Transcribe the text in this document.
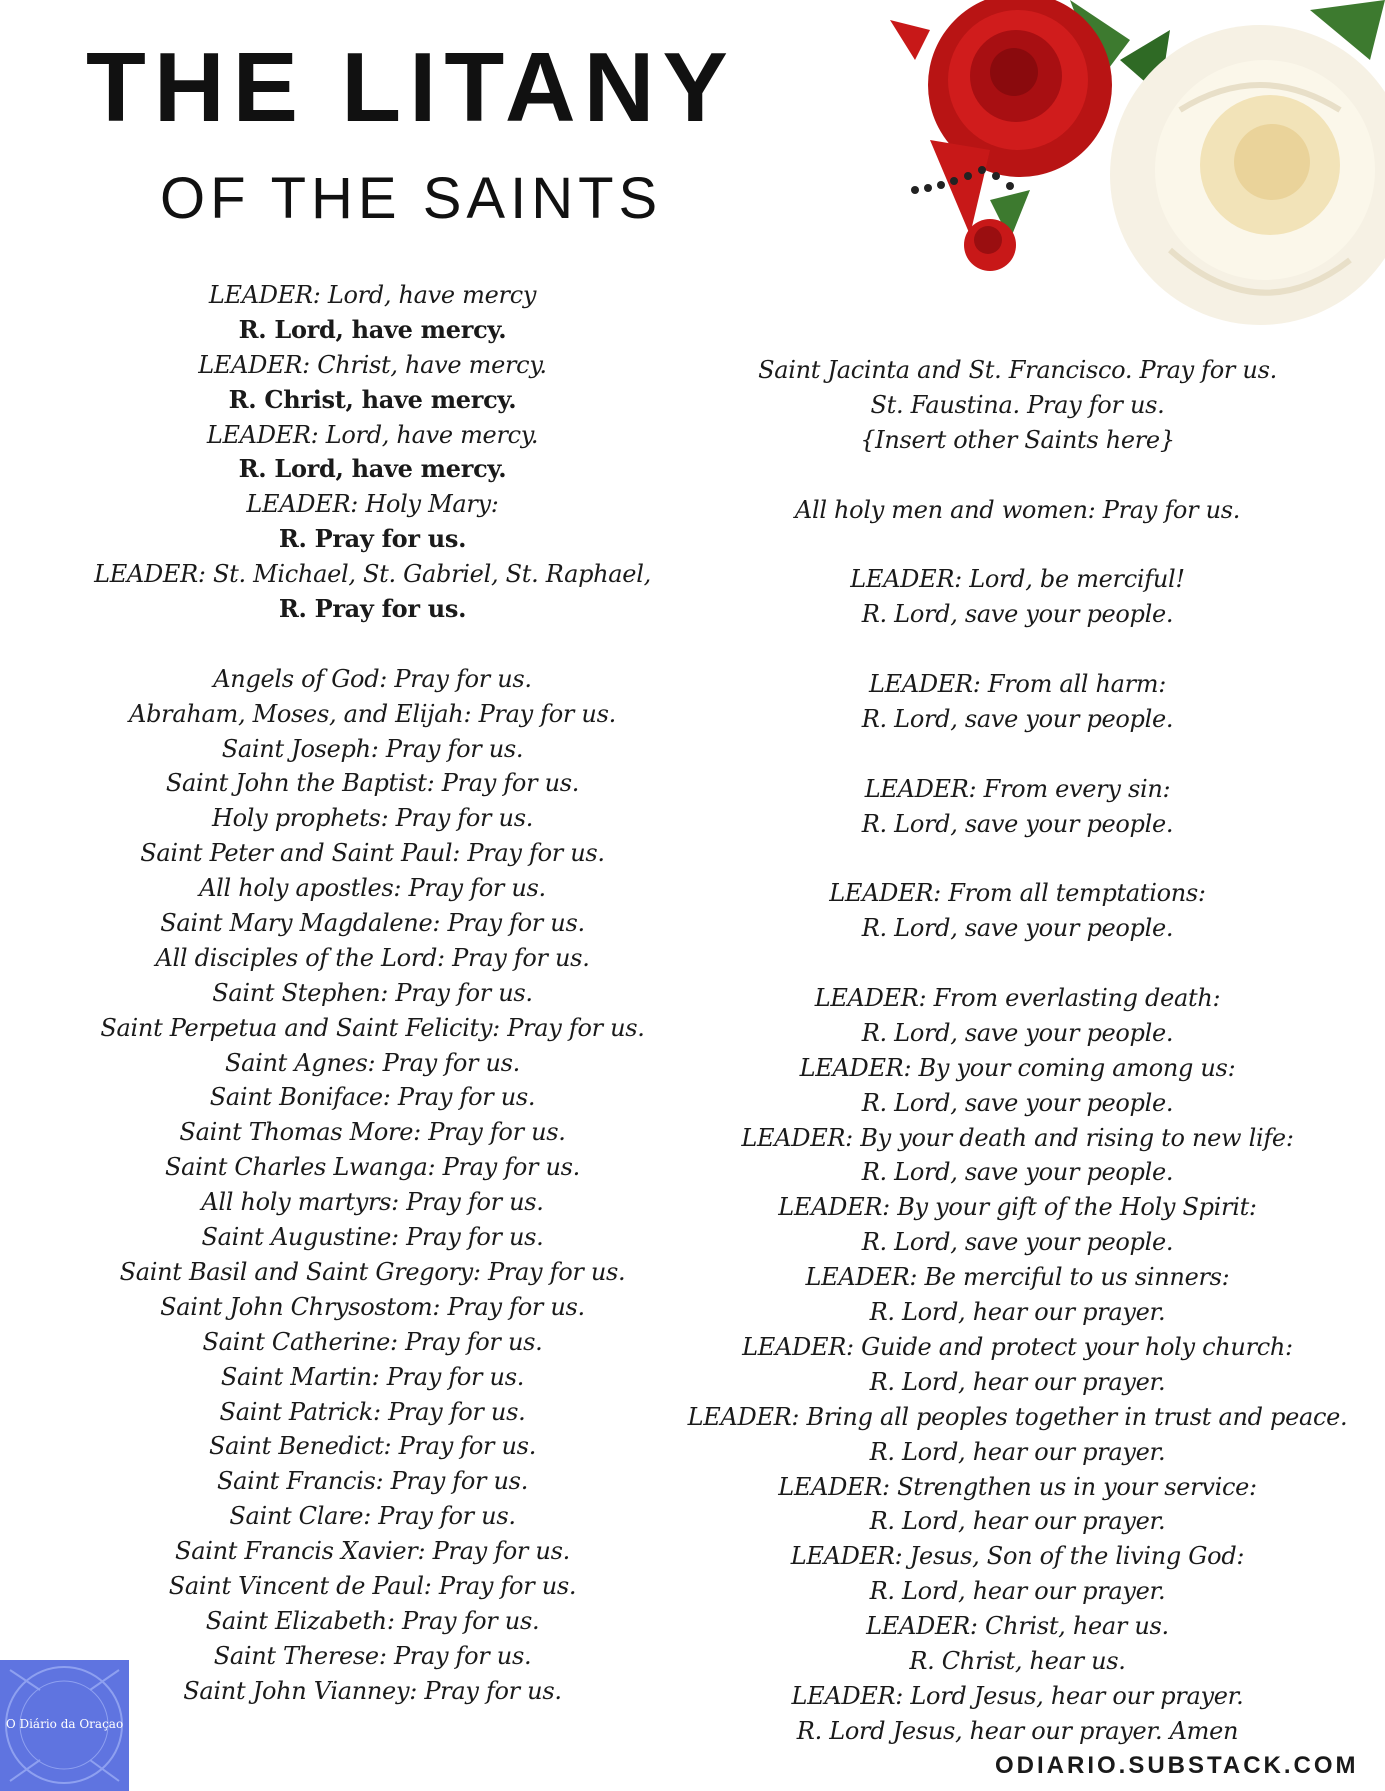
THE LITANY
OF THE SAINTS
LEADER: Lord, have mercy
R. Lord, have mercy.
LEADER: Christ, have mercy.
R. Christ, have mercy.
LEADER: Lord, have mercy.
R. Lord, have mercy.
LEADER: Holy Mary:
R. Pray for us.
LEADER: St. Michael, St. Gabriel, St. Raphael,
R. Pray for us.
Angels of God: Pray for us.
Abraham, Moses, and Elijah: Pray for us.
Saint Joseph: Pray for us.
Saint John the Baptist: Pray for us.
Holy prophets: Pray for us.
Saint Peter and Saint Paul: Pray for us.
All holy apostles: Pray for us.
Saint Mary Magdalene: Pray for us.
All disciples of the Lord: Pray for us.
Saint Stephen: Pray for us.
Saint Perpetua and Saint Felicity: Pray for us.
Saint Agnes: Pray for us.
Saint Boniface: Pray for us.
Saint Thomas More: Pray for us.
Saint Charles Lwanga: Pray for us.
All holy martyrs: Pray for us.
Saint Augustine: Pray for us.
Saint Basil and Saint Gregory: Pray for us.
Saint John Chrysostom: Pray for us.
Saint Catherine: Pray for us.
Saint Martin: Pray for us.
Saint Patrick: Pray for us.
Saint Benedict: Pray for us.
Saint Francis: Pray for us.
Saint Clare: Pray for us.
Saint Francis Xavier: Pray for us.
Saint Vincent de Paul: Pray for us.
Saint Elizabeth: Pray for us.
Saint Therese: Pray for us.
Saint John Vianney: Pray for us.
Saint Jacinta and St. Francisco. Pray for us.
St. Faustina. Pray for us.
{Insert other Saints here}
All holy men and women: Pray for us.
LEADER: Lord, be merciful!
R. Lord, save your people.
LEADER: From all harm:
R. Lord, save your people.
LEADER: From every sin:
R. Lord, save your people.
LEADER: From all temptations:
R. Lord, save your people.
LEADER: From everlasting death:
R. Lord, save your people.
LEADER: By your coming among us:
R. Lord, save your people.
LEADER: By your death and rising to new life:
R. Lord, save your people.
LEADER: By your gift of the Holy Spirit:
R. Lord, save your people.
LEADER: Be merciful to us sinners:
R. Lord, hear our prayer.
LEADER: Guide and protect your holy church:
R. Lord, hear our prayer.
LEADER: Bring all peoples together in trust and peace.
R. Lord, hear our prayer.
LEADER: Strengthen us in your service:
R. Lord, hear our prayer.
LEADER: Jesus, Son of the living God:
R. Lord, hear our prayer.
LEADER: Christ, hear us.
R. Christ, hear us.
LEADER: Lord Jesus, hear our prayer.
R. Lord Jesus, hear our prayer. Amen
O Diário da Oraçao
ODIARIO.SUBSTACK.COM
